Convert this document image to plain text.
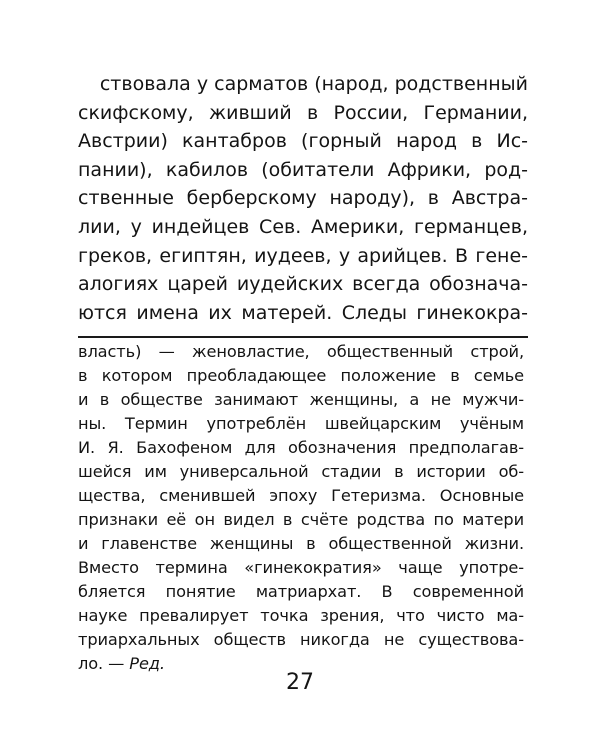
ствовала у сарматов (народ, родственный
скифскому, живший в России, Германии,
Австрии) кантабров (горный народ в Ис-
пании), кабилов (обитатели Африки, род-
ственные берберскому народу), в Австра-
лии, у индейцев Сев. Америки, германцев,
греков, египтян, иудеев, у арийцев. В гене-
алогиях царей иудейских всегда обознача-
ются имена их матерей. Следы гинекокра-
власть) — женовластие, общественный строй,
в котором преобладающее положение в семье
и в обществе занимают женщины, а не мужчи-
ны. Термин употреблён швейцарским учёным
И. Я. Бахофеном для обозначения предполагав-
шейся им универсальной стадии в истории об-
щества, сменившей эпоху Гетеризма. Основные
признаки её он видел в счёте родства по матери
и главенстве женщины в общественной жизни.
Вместо термина «гинекократия» чаще употре-
бляется понятие матриархат. В современной
науке превалирует точка зрения, что чисто ма-
триархальных обществ никогда не существова-
ло. — Ред.
27
